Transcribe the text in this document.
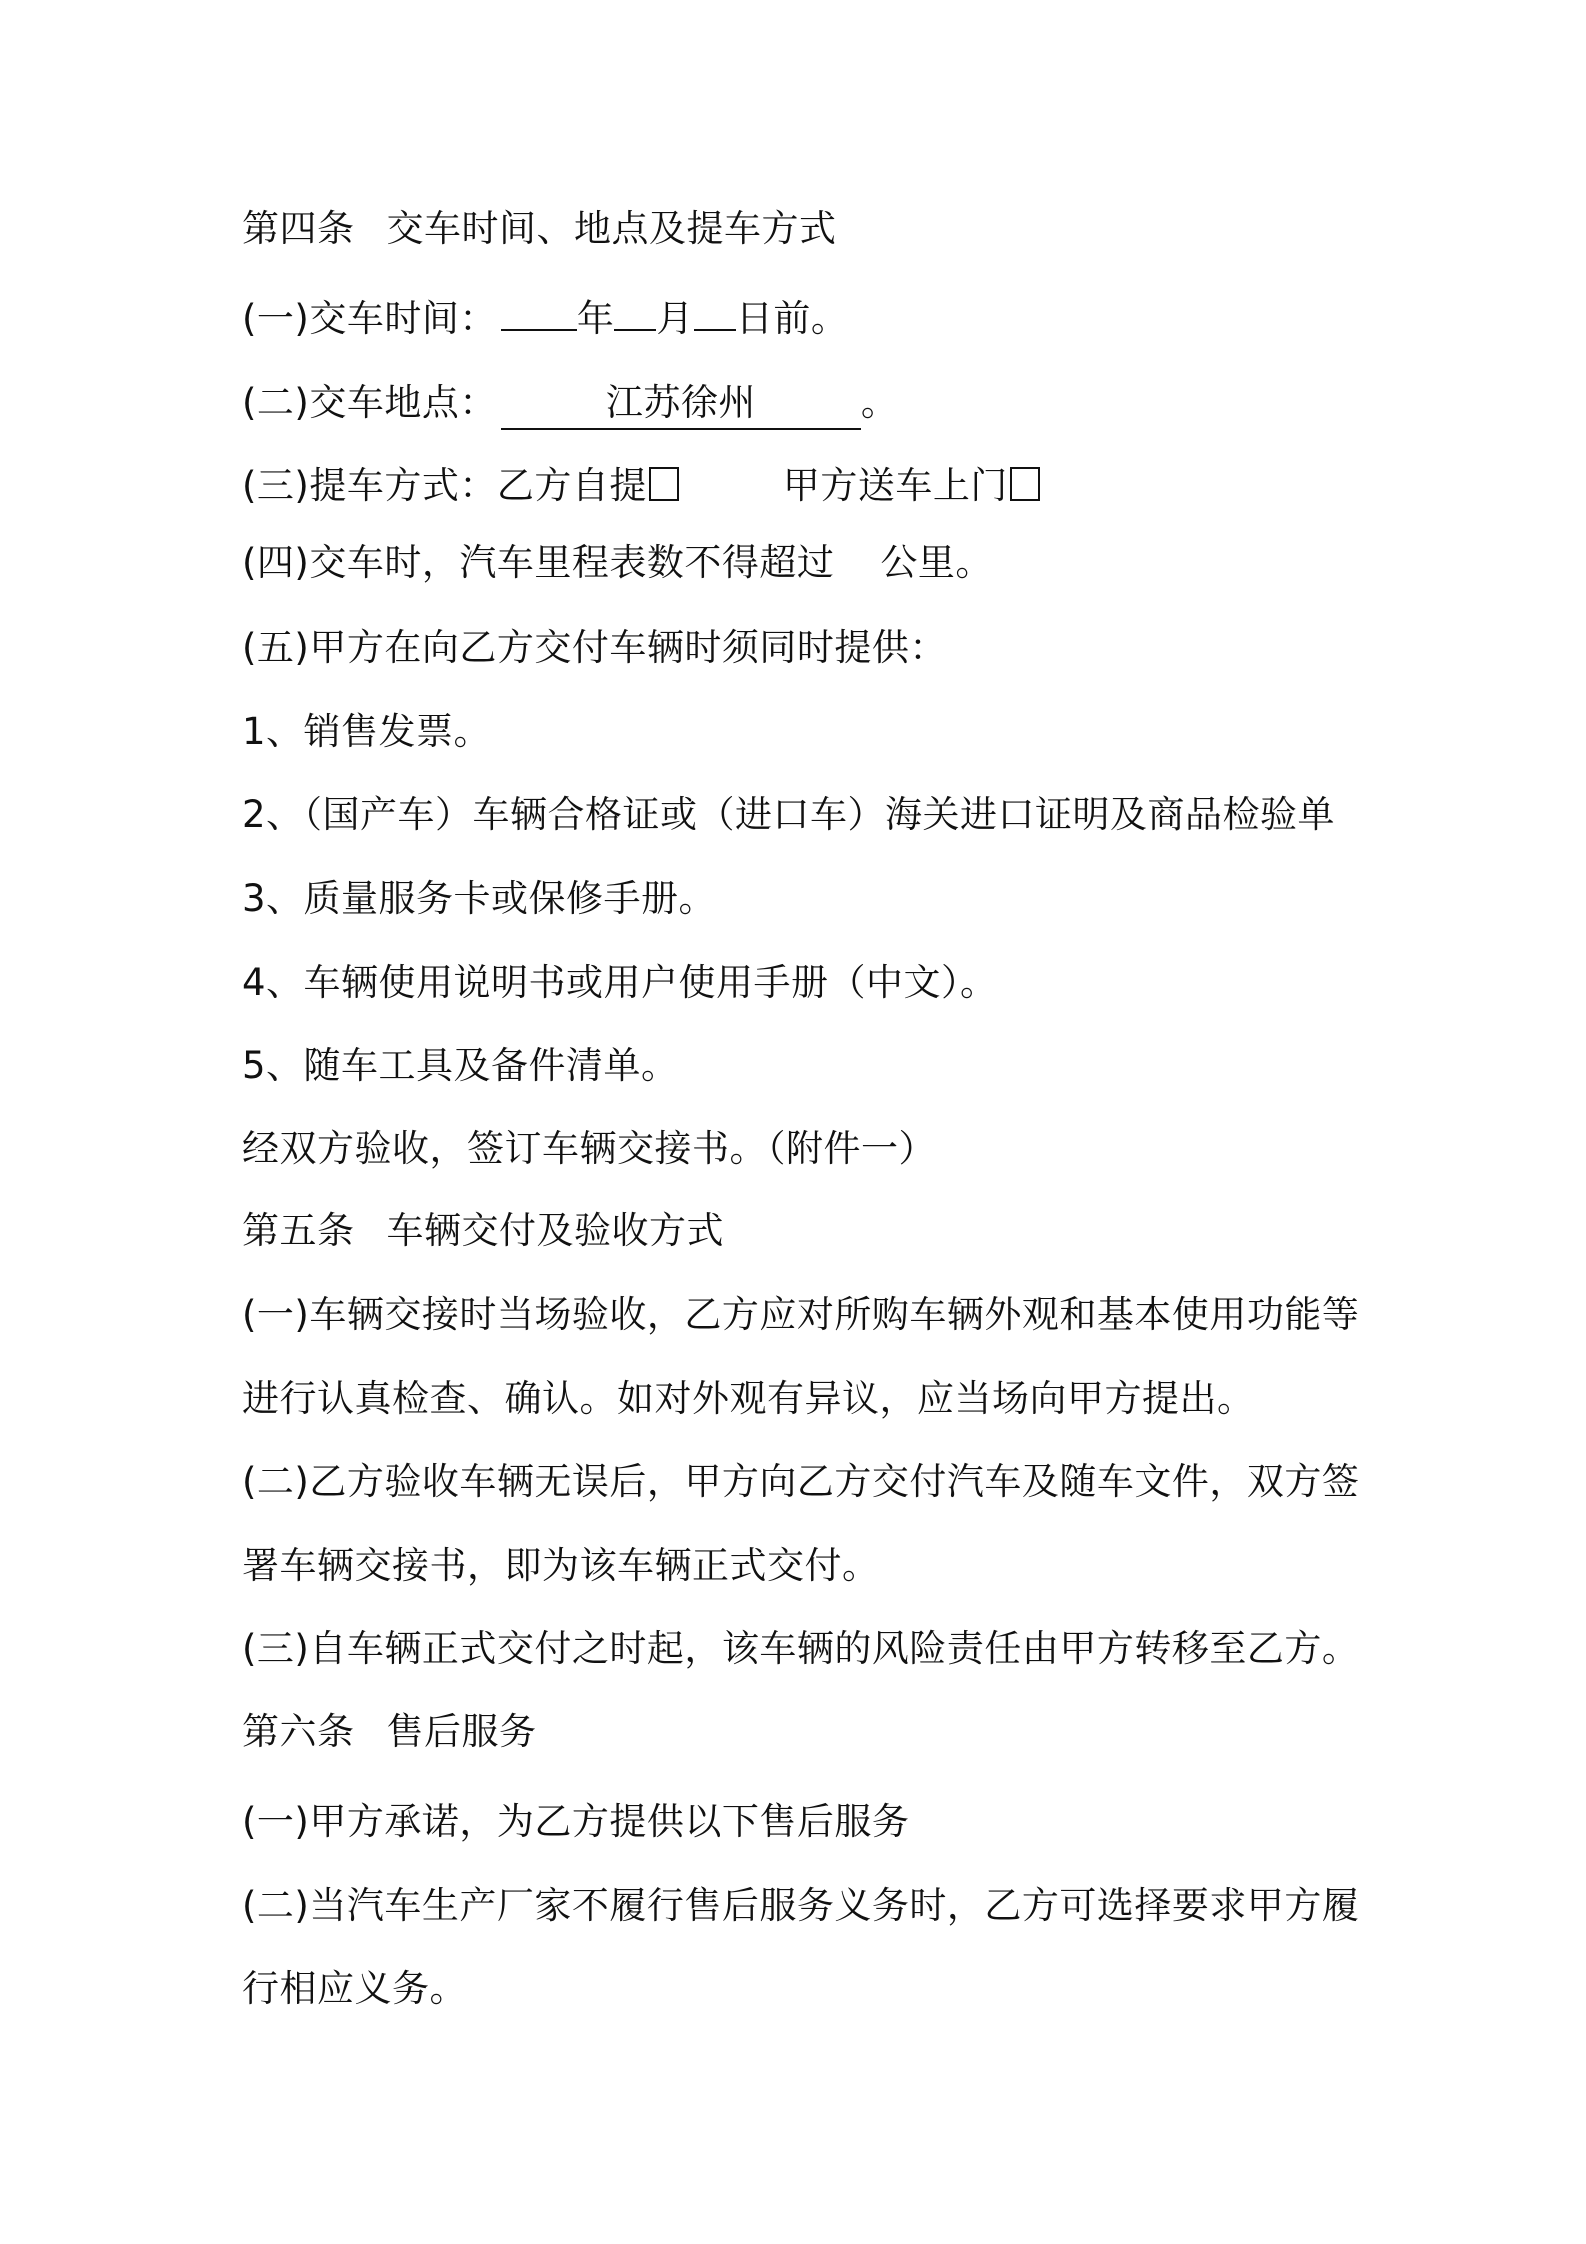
第四条 交车时间、地点及提车方式
(一)交车时间： 年 月 日前。
(二)交车地点：	江苏徐州	。
(三)提车方式：乙方自提	甲方送车上门
(四)交车时，汽车里程表数不得超过 公里。
(五)甲方在向乙方交付车辆时须同时提供：
1、销售发票。
2、（国产车）车辆合格证或（进口车）海关进口证明及商品检验单
3、质量服务卡或保修手册。
4、车辆使用说明书或用户使用手册（中文）。
5、随车工具及备件清单。
经双方验收，签订车辆交接书。（附件一）
第五条 车辆交付及验收方式
(一)车辆交接时当场验收，乙方应对所购车辆外观和基本使用功能等
进行认真检查、确认。如对外观有异议，应当场向甲方提出。
(二)乙方验收车辆无误后，甲方向乙方交付汽车及随车文件，双方签
署车辆交接书，即为该车辆正式交付。
(三)自车辆正式交付之时起，该车辆的风险责任由甲方转移至乙方。
第六条 售后服务
(一)甲方承诺，为乙方提供以下售后服务
(二)当汽车生产厂家不履行售后服务义务时，乙方可选择要求甲方履
行相应义务。
